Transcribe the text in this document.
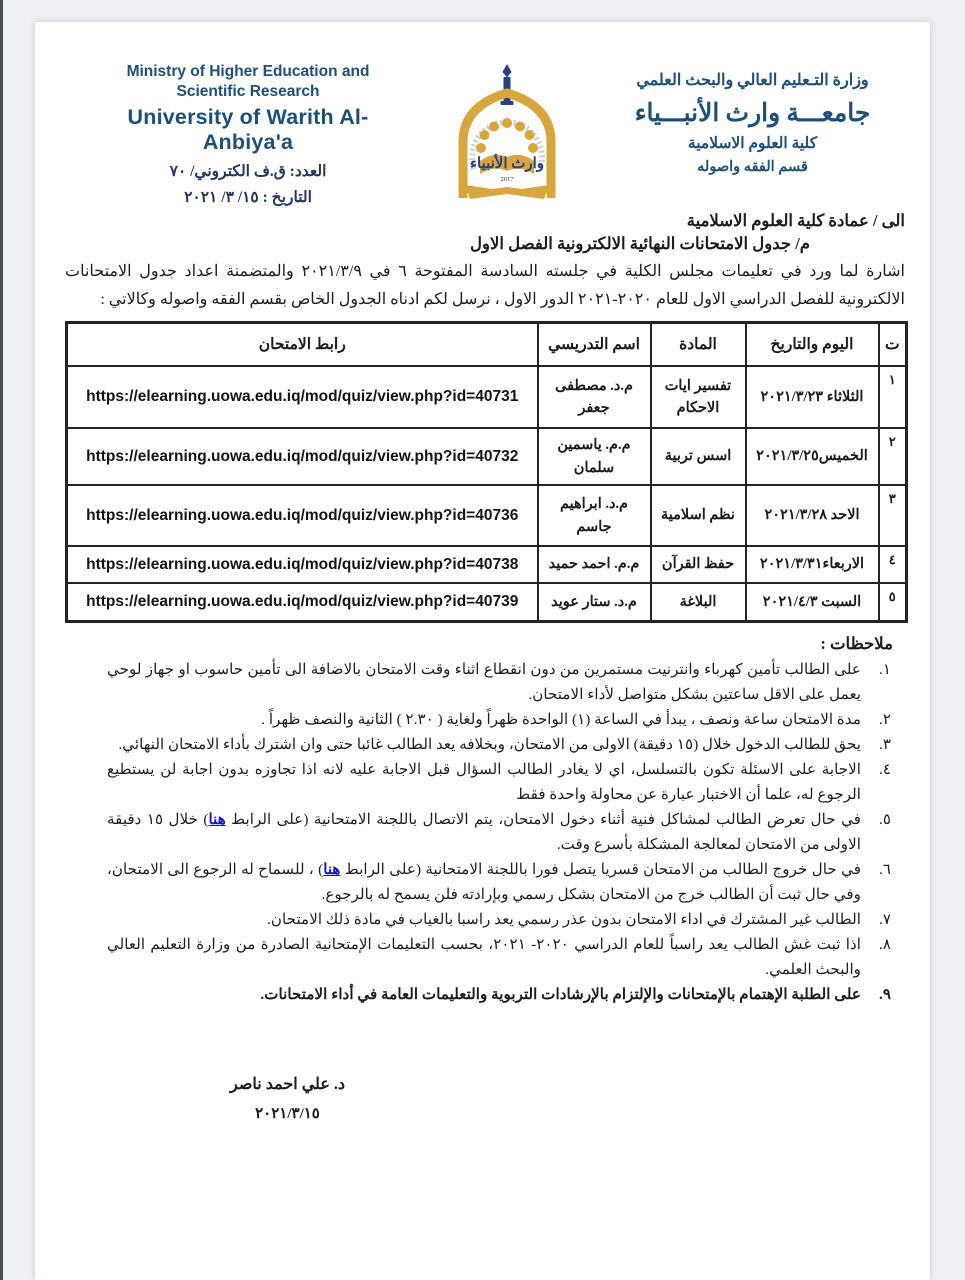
Ministry of Higher Education and
Scientific Research
University of Warith Al-Anbiya'a
العدد: ق.ف الكتروني/ ٧٠
التاريخ : ١٥/ ٣/ ٢٠٢١
وارث الأنبياء
2017
وزارة التـعليم العالي والبحث العلمي
جامعـــة وارث الأنبـــياء
كلية العلوم الاسلامية
قسم الفقه واصوله
الى / عمادة كلية العلوم الاسلامية
م/ جدول الامتحانات النهائية الالكترونية الفصل الاول

اشارة لما ورد في تعليمات مجلس الكلية في جلسته السادسة المفتوحة ٦ في ٢٠٢١/٣/٩ والمتضمنة اعداد جدول الامتحانات الالكترونية للفصل الدراسي الاول للعام ٢٠٢٠-٢٠٢١ الدور الاول ، نرسل لكم ادناه الجدول الخاص بقسم الفقه واصوله وكالاتي :

ت	اليوم والتاريخ	المادة	اسم التدريسي	رابط الامتحان
١	الثلاثاء ٢٠٢١/٣/٢٣	تفسير ايات الاحكام	م.د. مصطفى جعفر	https://elearning.uowa.edu.iq/mod/quiz/view.php?id=40731
٢	الخميس٢٠٢١/٣/٢٥	اسس تربية	م.م. ياسمين سلمان	https://elearning.uowa.edu.iq/mod/quiz/view.php?id=40732
٣	الاحد ٢٠٢١/٣/٢٨	نظم اسلامية	م.د. ابراهيم جاسم	https://elearning.uowa.edu.iq/mod/quiz/view.php?id=40736
٤	الاربعاء٢٠٢١/٣/٣١	حفظ القرآن	م.م. احمد حميد	https://elearning.uowa.edu.iq/mod/quiz/view.php?id=40738
٥	السبت ٢٠٢١/٤/٣	البلاغة	م.د. ستار عويد	https://elearning.uowa.edu.iq/mod/quiz/view.php?id=40739
ملاحظات :
١.
على الطالب تأمين كهرباء وانترنيت مستمرين من دون انقطاع اثناء وقت الامتحان بالاضافة الى تأمين حاسوب او جهاز لوحي يعمل على الاقل ساعتين بشكل متواصل لأداء الامتحان.
٢.
مدة الامتحان ساعة ونصف ، يبدأ في الساعة (١) الواحدة ظهراً ولغاية ( ٢.٣٠ ) الثانية والنصف ظهراً .
٣.
يحق للطالب الدخول خلال (١٥ دقيقة) الاولى من الامتحان، وبخلافه يعد الطالب غائبا حتى وان اشترك بأداء الامتحان النهائي.
٤.
الاجابة على الاسئلة تكون بالتسلسل، اي لا يغادر الطالب السؤال قبل الاجابة عليه لانه اذا تجاوزه بدون اجابة لن يستطيع الرجوع له، علما أن الاختبار عبارة عن محاولة واحدة فقط
٥.
في حال تعرض الطالب لمشاكل فنية أثناء دخول الامتحان، يتم الاتصال باللجنة الامتحانية (على الرابط هنا) خلال ١٥ دقيقة الاولى من الامتحان لمعالجة المشكلة بأسرع وقت.
٦.
في حال خروج الطالب من الامتحان قسريا يتصل فورا باللجنة الامتحانية (على الرابط هنا) ، للسماح له الرجوع الى الامتحان، وفي حال ثبت أن الطالب خرج من الامتحان بشكل رسمي وبإرادته فلن يسمح له بالرجوع.
٧.
الطالب غير المشترك في اداء الامتحان بدون عذر رسمي يعد راسبا بالغياب في مادة ذلك الامتحان.
٨.
اذا ثبت غش الطالب يعد راسباً للعام الدراسي ٢٠٢٠- ٢٠٢١، بحسب التعليمات الإمتحانية الصادرة من وزارة التعليم العالي والبحث العلمي.
٩.
على الطلبة الإهتمام بالإمتحانات والإلتزام بالإرشادات التربوية والتعليمات العامة في أداء الامتحانات.
د. علي احمد ناصر
٢٠٢١/٣/١٥
